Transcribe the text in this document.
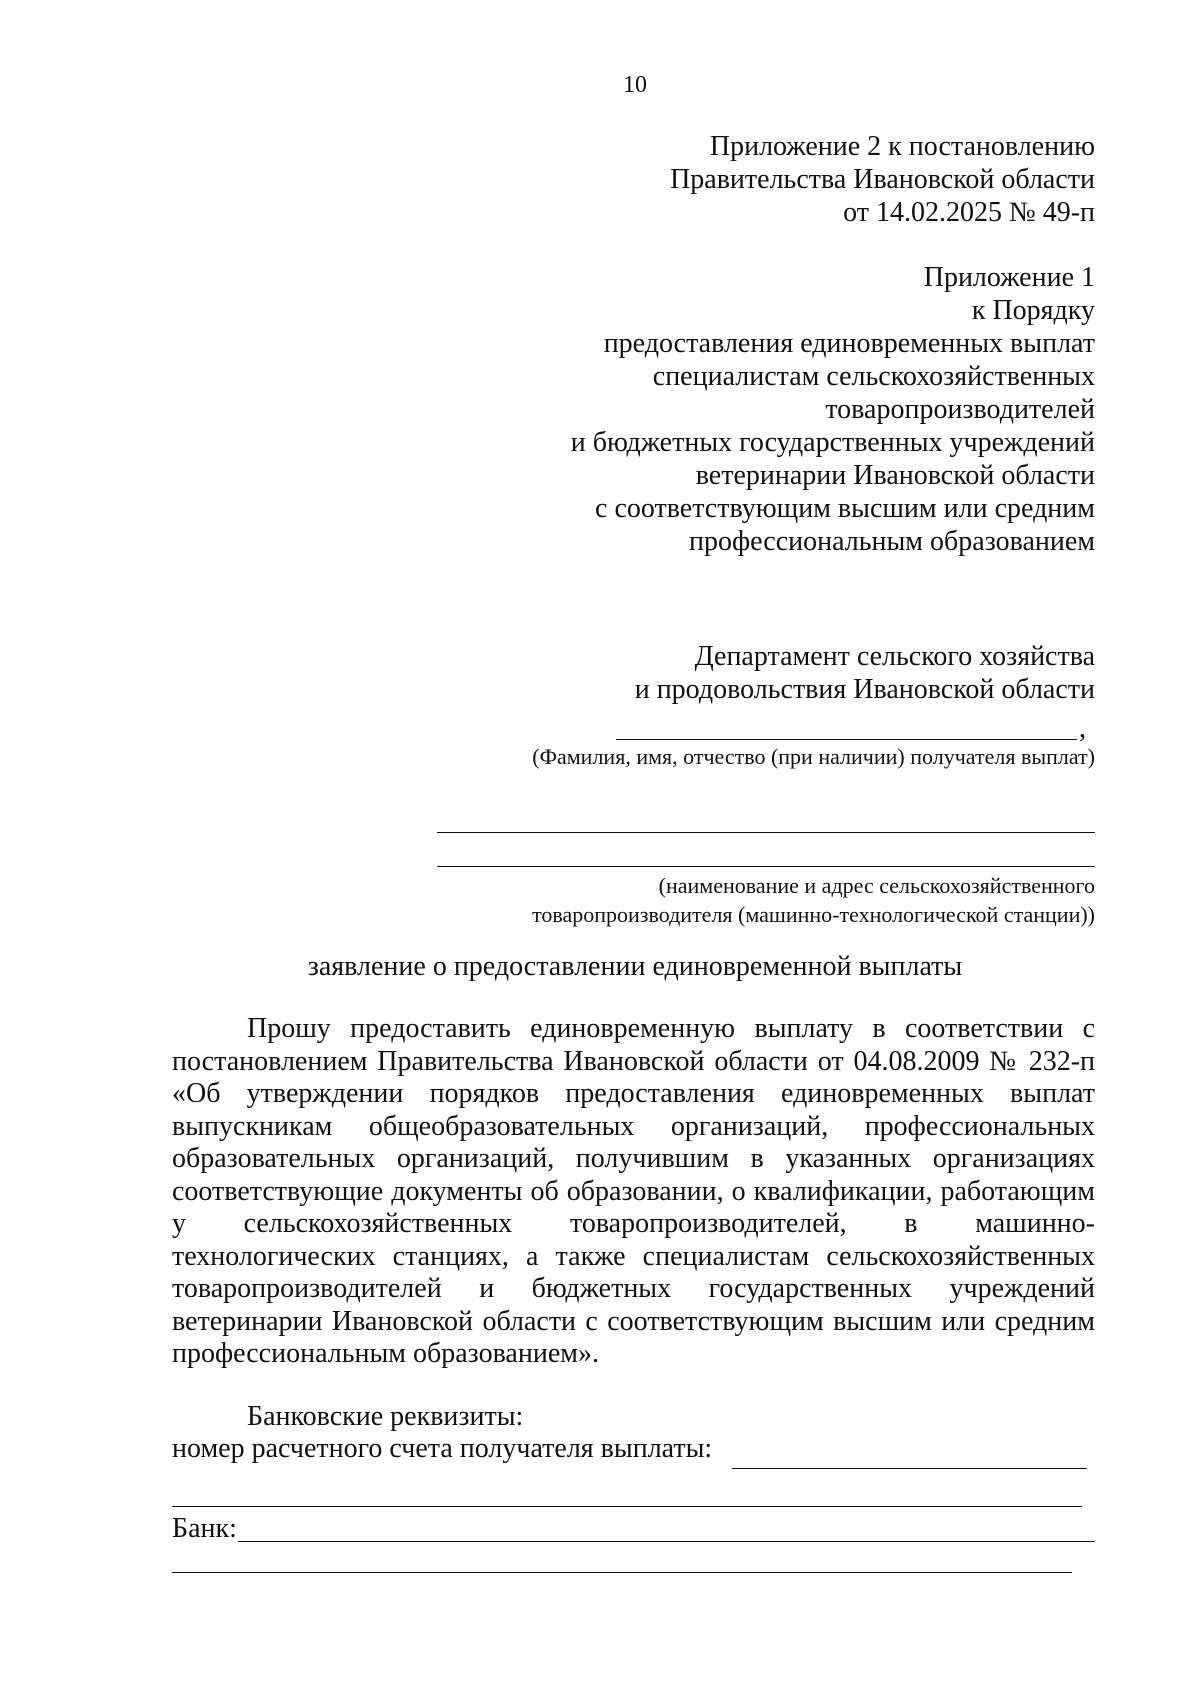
10
Приложение 2 к постановлению
Правительства Ивановской области
от 14.02.2025 № 49-п
Приложение 1
к Порядку
предоставления единовременных выплат
специалистам сельскохозяйственных
товаропроизводителей
и бюджетных государственных учреждений
ветеринарии Ивановской области
с соответствующим высшим или средним
профессиональным образованием
Департамент сельского хозяйства
и продовольствия Ивановской области
,
(Фамилия, имя, отчество (при наличии) получателя выплат)
(наименование и адрес сельскохозяйственного
товаропроизводителя (машинно-технологической станции))
заявление о предоставлении единовременной выплаты

Прошу предоставить единовременную выплату в соответствии с постановлением Правительства Ивановской области от 04.08.2009 № 232-п «Об утверждении порядков предоставления единовременных выплат выпускникам общеобразовательных организаций, профессиональных образовательных организаций, получившим в указанных организациях соответствующие документы об образовании, о квалификации, работающим у сельскохозяйственных товаропроизводителей, в машинно-технологических станциях, а также специалистам сельскохозяйственных товаропроизводителей и бюджетных государственных учреждений ветеринарии Ивановской области с соответствующим высшим или средним профессиональным образованием».

Банковские реквизиты:
номер расчетного счета получателя выплаты:
Банк:
